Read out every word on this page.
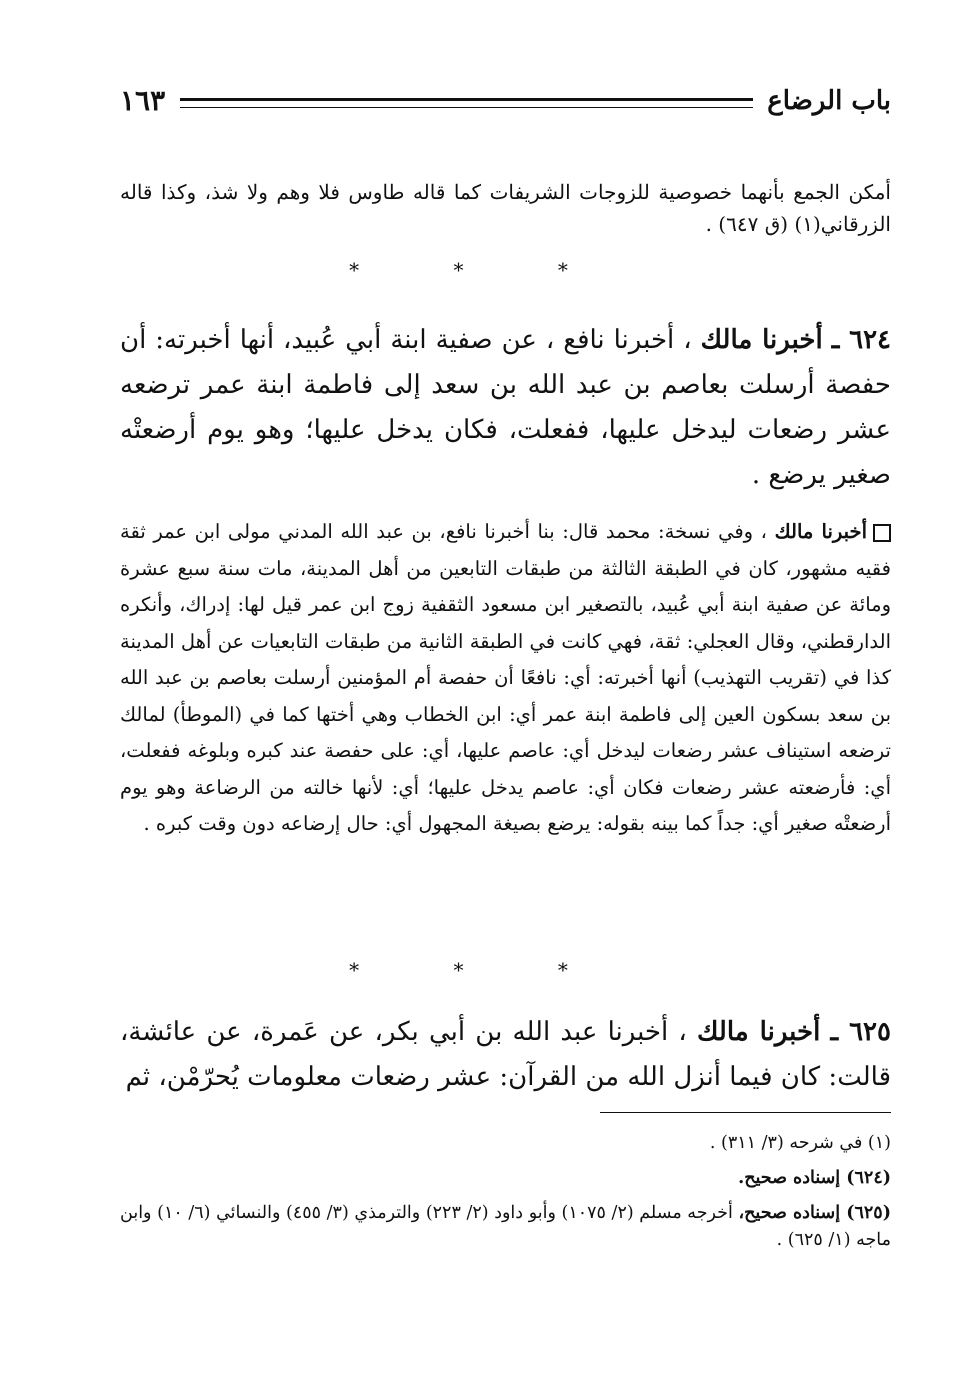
باب الرضاع
١٦٣
أمكن الجمع بأنهما خصوصية للزوجات الشريفات كما قاله طاوس فلا وهم ولا شذ، وكذا قاله الزرقاني(١) (ق ٦٤٧) .
* * *
٦٢٤ ـ أخبرنا مالك ، أخبرنا نافع ، عن صفية ابنة أبي عُبيد، أنها أخبرته: أن حفصة أرسلت بعاصم بن عبد الله بن سعد إلى فاطمة ابنة عمر ترضعه عشر رضعات ليدخل عليها، ففعلت، فكان يدخل عليها؛ وهو يوم أرضعتْه صغير يرضع .
أخبرنا مالك ، وفي نسخة: محمد قال: بنا أخبرنا نافع، بن عبد الله المدني مولى ابن عمر ثقة فقيه مشهور، كان في الطبقة الثالثة من طبقات التابعين من أهل المدينة، مات سنة سبع عشرة ومائة عن صفية ابنة أبي عُبيد، بالتصغير ابن مسعود الثقفية زوج ابن عمر قيل لها: إدراك، وأنكره الدارقطني، وقال العجلي: ثقة، فهي كانت في الطبقة الثانية من طبقات التابعيات عن أهل المدينة كذا في (تقريب التهذيب) أنها أخبرته: أي: نافعًا أن حفصة أم المؤمنين أرسلت بعاصم بن عبد الله بن سعد بسكون العين إلى فاطمة ابنة عمر أي: ابن الخطاب وهي أختها كما في (الموطأ) لمالك ترضعه استيناف عشر رضعات ليدخل أي: عاصم عليها، أي: على حفصة عند كبره وبلوغه ففعلت، أي: فأرضعته عشر رضعات فكان أي: عاصم يدخل عليها؛ أي: لأنها خالته من الرضاعة وهو يوم أرضعتْه صغير أي: جداً كما بينه بقوله: يرضع بصيغة المجهول أي: حال إرضاعه دون وقت كبره .
* * *
٦٢٥ ـ أخبرنا مالك ، أخبرنا عبد الله بن أبي بكر، عن عَمرة، عن عائشة، قالت: كان فيما أنزل الله من القرآن: عشر رضعات معلومات يُحرّمْن، ثم

(١) في شرحه (٣/ ٣١١) .

(٦٢٤) إسناده صحيح.

(٦٢٥) إسناده صحيح، أخرجه مسلم (٢/ ١٠٧٥) وأبو داود (٢/ ٢٢٣) والترمذي (٣/ ٤٥٥) والنسائي (٦/ ١٠) وابن ماجه (١/ ٦٢٥) .
